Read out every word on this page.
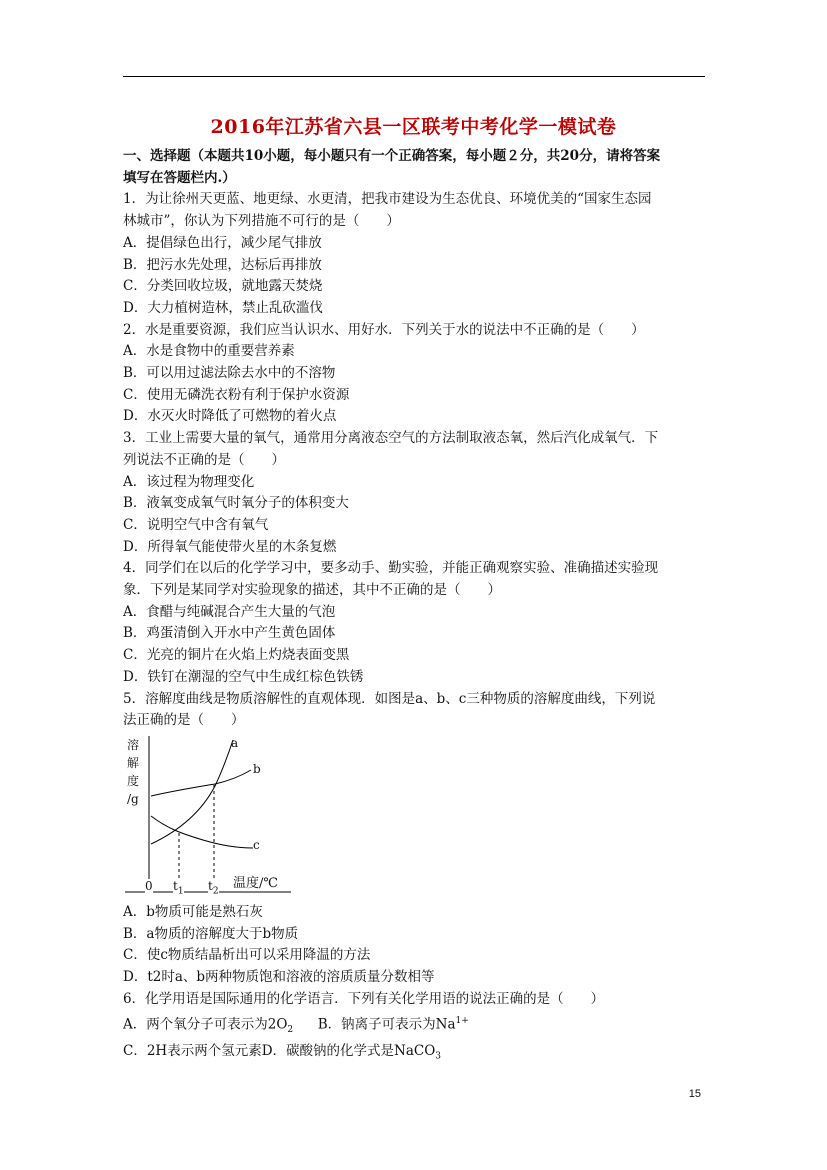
2016年江苏省六县一区联考中考化学一模试卷
一、选择题（本题共10小题，每小题只有一个正确答案，每小题２分，共20分，请将答案
填写在答题栏内.）
1．为让徐州天更蓝、地更绿、水更清，把我市建设为生态优良、环境优美的“国家生态园
林城市”，你认为下列措施不可行的是（　　）
A．提倡绿色出行，减少尾气排放
B．把污水先处理，达标后再排放
C．分类回收垃圾，就地露天焚烧
D．大力植树造林，禁止乱砍滥伐
2．水是重要资源，我们应当认识水、用好水．下列关于水的说法中不正确的是（　　）
A．水是食物中的重要营养素
B．可以用过滤法除去水中的不溶物
C．使用无磷洗衣粉有利于保护水资源
D．水灭火时降低了可燃物的着火点
3．工业上需要大量的氧气，通常用分离液态空气的方法制取液态氧，然后汽化成氧气．下
列说法不正确的是（　　）
A．该过程为物理变化
B．液氧变成氧气时氧分子的体积变大
C．说明空气中含有氧气
D．所得氧气能使带火星的木条复燃
4．同学们在以后的化学学习中，要多动手、勤实验，并能正确观察实验、准确描述实验现
象．下列是某同学对实验现象的描述，其中不正确的是（　　）
A．食醋与纯碱混合产生大量的气泡
B．鸡蛋清倒入开水中产生黄色固体
C．光亮的铜片在火焰上灼烧表面变黑
D．铁钉在潮湿的空气中生成红棕色铁锈
5．溶解度曲线是物质溶解性的直观体现．如图是a、b、c三种物质的溶解度曲线，下列说
法正确的是（　　）
溶
解
度
/g
a
b
c
0 $t_1$ $t_2$
温度/℃
A．b物质可能是熟石灰
B．a物质的溶解度大于b物质
C．使c物质结晶析出可以采用降温的方法
D．t2时a、b两种物质饱和溶液的溶质质量分数相等
6．化学用语是国际通用的化学语言．下列有关化学用语的说法正确的是（　　）
A．两个氧分子可表示为$2O_2$ B．钠离子可表示为$Na^{1+}$
C．2H表示两个氢元素D．碳酸钠的化学式是NaCO$_3$
15
